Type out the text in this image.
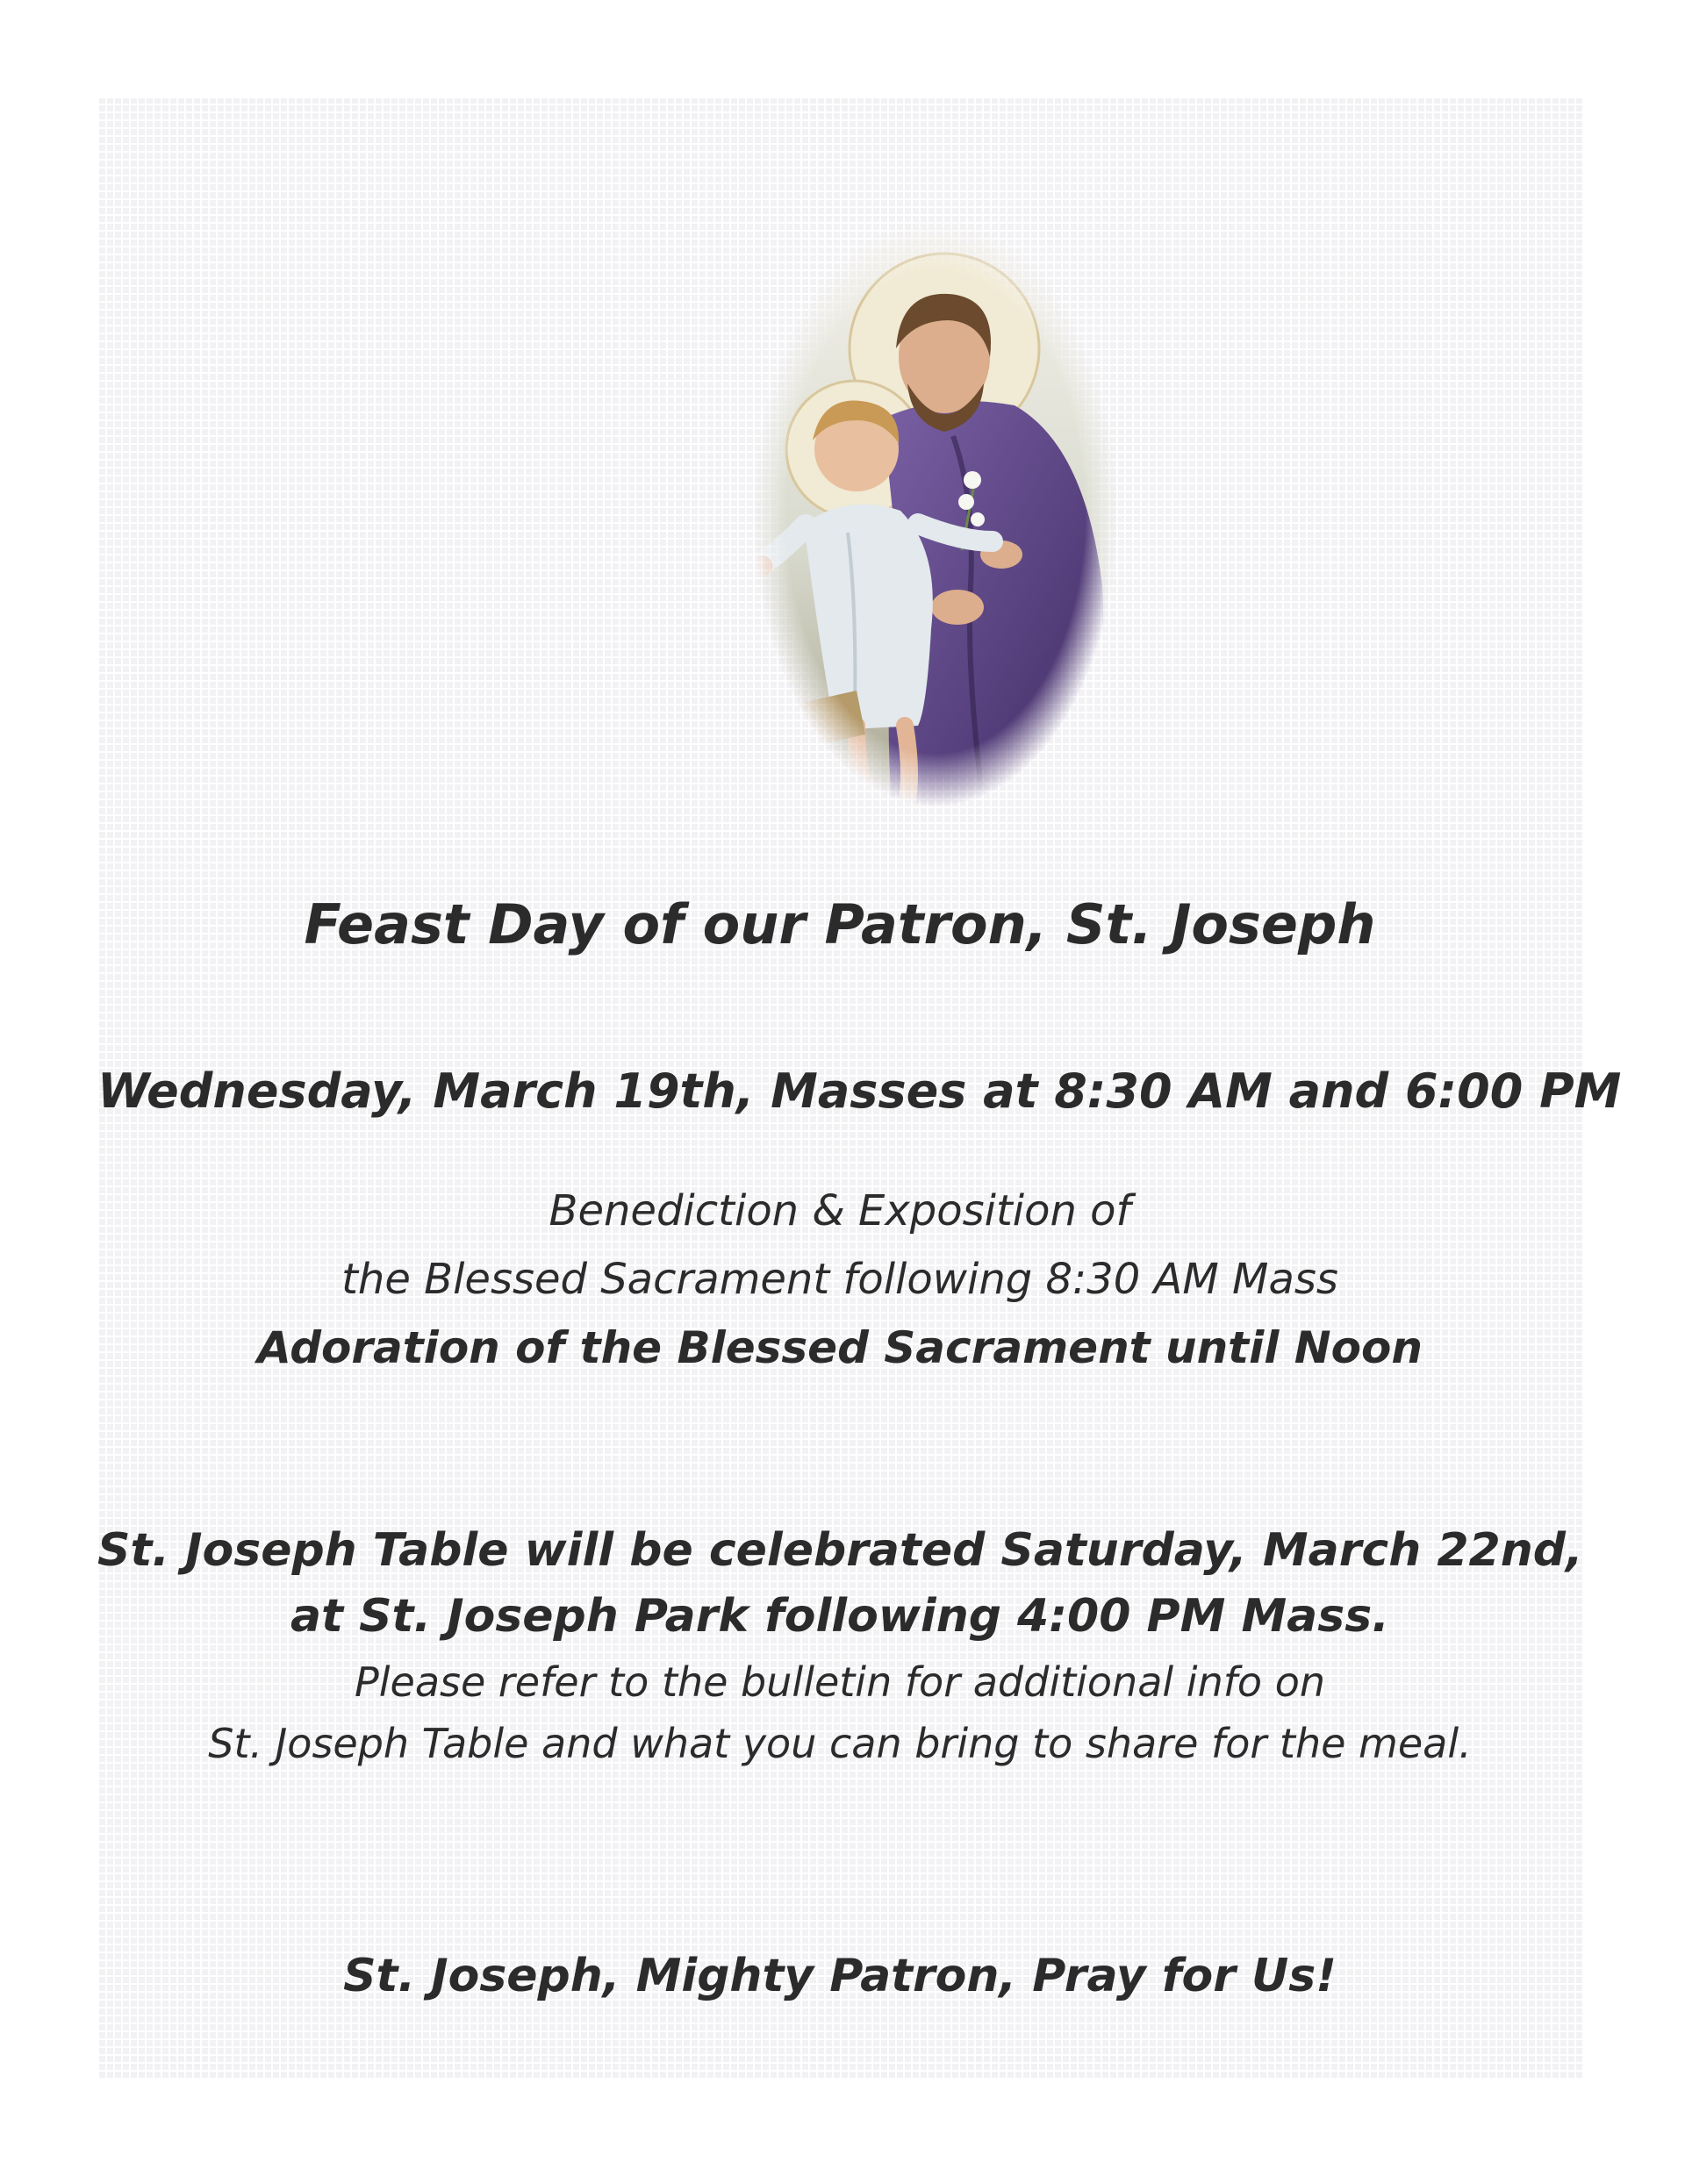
Feast Day of our Patron, St. Joseph
Wednesday, March 19th, Masses at 8:30 AM and 6:00 PM
Benediction & Exposition of
the Blessed Sacrament following 8:30 AM Mass
Adoration of the Blessed Sacrament until Noon
St. Joseph Table will be celebrated Saturday, March 22nd,
at St. Joseph Park following 4:00 PM Mass.
Please refer to the bulletin for additional info on
St. Joseph Table and what you can bring to share for the meal.
St. Joseph, Mighty Patron, Pray for Us!
